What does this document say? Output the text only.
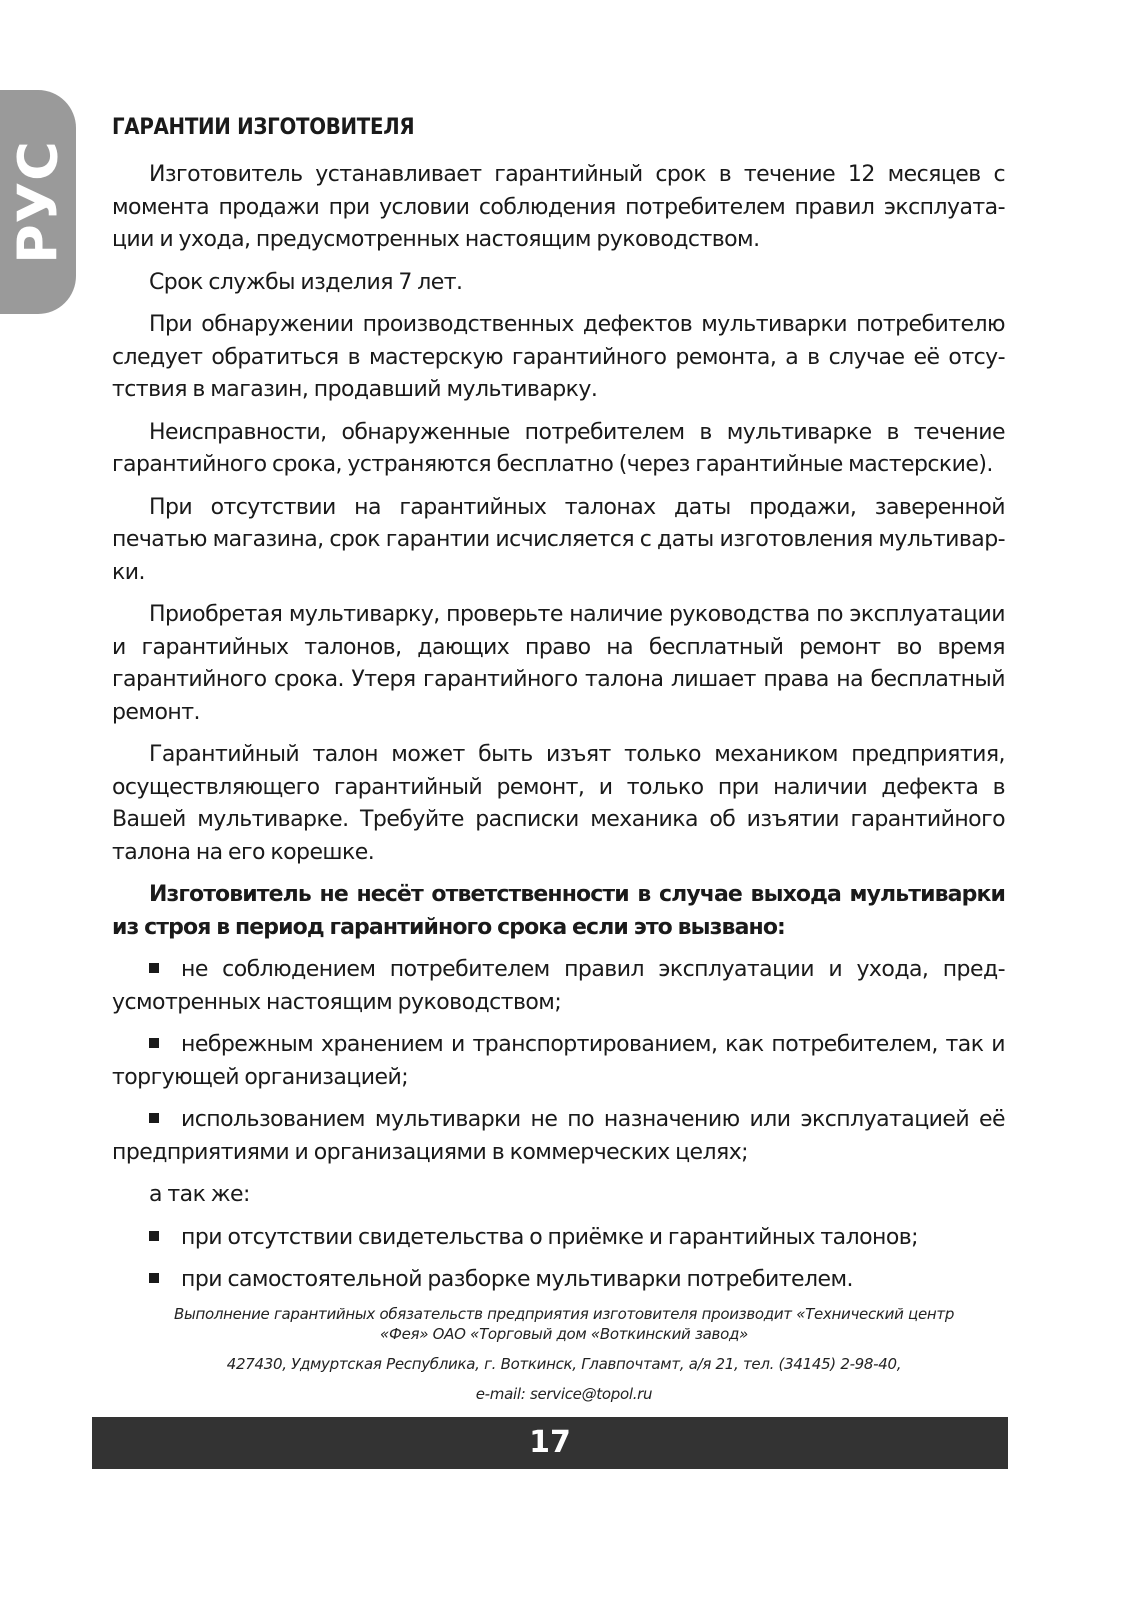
РУС
ГАРАНТИИ ИЗГОТОВИТЕЛЯ

Изготовитель устанавливает гарантийный срок в течение 12 месяцев с момента продажи при условии соблюдения потребителем правил эксплуата-ции и ухода, предусмотренных настоящим руководством.

Срок службы изделия 7 лет.

При обнаружении производственных дефектов мультиварки потребителю следует обратиться в мастерскую гарантийного ремонта, а в случае её отсу-тствия в магазин, продавший мультиварку.

Неисправности, обнаруженные потребителем в мультиварке в течение гарантийного срока, устраняются бесплатно (через гарантийные мастерские).

При отсутствии на гарантийных талонах даты продажи, заверенной печатью магазина, срок гарантии исчисляется с даты изготовления мультивар-ки.

Приобретая мультиварку, проверьте наличие руководства по эксплуатации и гарантийных талонов, дающих право на бесплатный ремонт во время гарантийного срока. Утеря гарантийного талона лишает права на бесплатный ремонт.

Гарантийный талон может быть изъят только механиком предприятия, осуществляющего гарантийный ремонт, и только при наличии дефекта в Вашей мультиварке. Требуйте расписки механика об изъятии гарантийного талона на его корешке.

Изготовитель не несёт ответственности в случае выхода мультиварки из строя в период гарантийного срока если это вызвано:

не соблюдением потребителем правил эксплуатации и ухода, пред-усмотренных настоящим руководством;

небрежным хранением и транспортированием, как потребителем, так и торгующей организацией;

использованием мультиварки не по назначению или эксплуатацией её предприятиями и организациями в коммерческих целях;

а так же:

при отсутствии свидетельства о приёмке и гарантийных талонов;

при самостоятельной разборке мультиварки потребителем.

Выполнение гарантийных обязательств предприятия изготовителя производит «Технический центр
«Фея» ОАО «Торговый дом «Воткинский завод»
427430, Удмуртская Республика, г. Воткинск, Главпочтамт, а/я 21, тел. (34145) 2-98-40,
e-mail: service@topol.ru
17
